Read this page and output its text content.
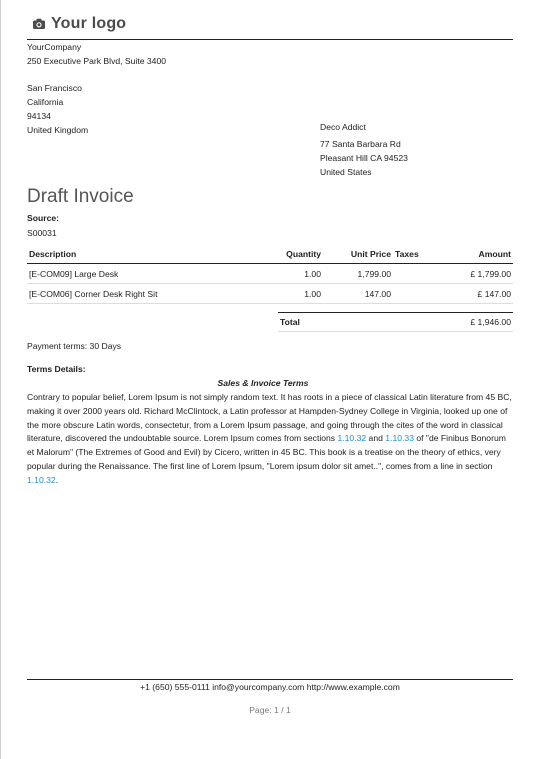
Your logo
YourCompany
250 Executive Park Blvd, Suite 3400
San Francisco
California
94134
United Kingdom	Deco Addict
77 Santa Barbara Rd
Pleasant Hill CA 94523
United States
Draft Invoice
Source:
S00031
Description	Quantity	Unit Price	Taxes	Amount
[E-COM09] Large Desk	1.00	1,799.00		£ 1,799.00
[E-COM06] Corner Desk Right Sit	1.00	147.00		£ 147.00
Total	£ 1,946.00
Payment terms: 30 Days
Terms Details:
Sales & Invoice Terms
Contrary to popular belief, Lorem Ipsum is not simply random text. It has roots in a piece of classical Latin literature from 45 BC, making it over 2000 years old. Richard McClintock, a Latin professor at Hampden-Sydney College in Virginia, looked up one of the more obscure Latin words, consectetur, from a Lorem Ipsum passage, and going through the cites of the word in classical literature, discovered the undoubtable source. Lorem Ipsum comes from sections 1.10.32 and 1.10.33 of "de Finibus Bonorum et Malorum" (The Extremes of Good and Evil) by Cicero, written in 45 BC. This book is a treatise on the theory of ethics, very popular during the Renaissance. The first line of Lorem Ipsum, "Lorem ipsum dolor sit amet..", comes from a line in section 1.10.32.
+1 (650) 555-0111 info@yourcompany.com http://www.example.com
Page: 1 / 1
